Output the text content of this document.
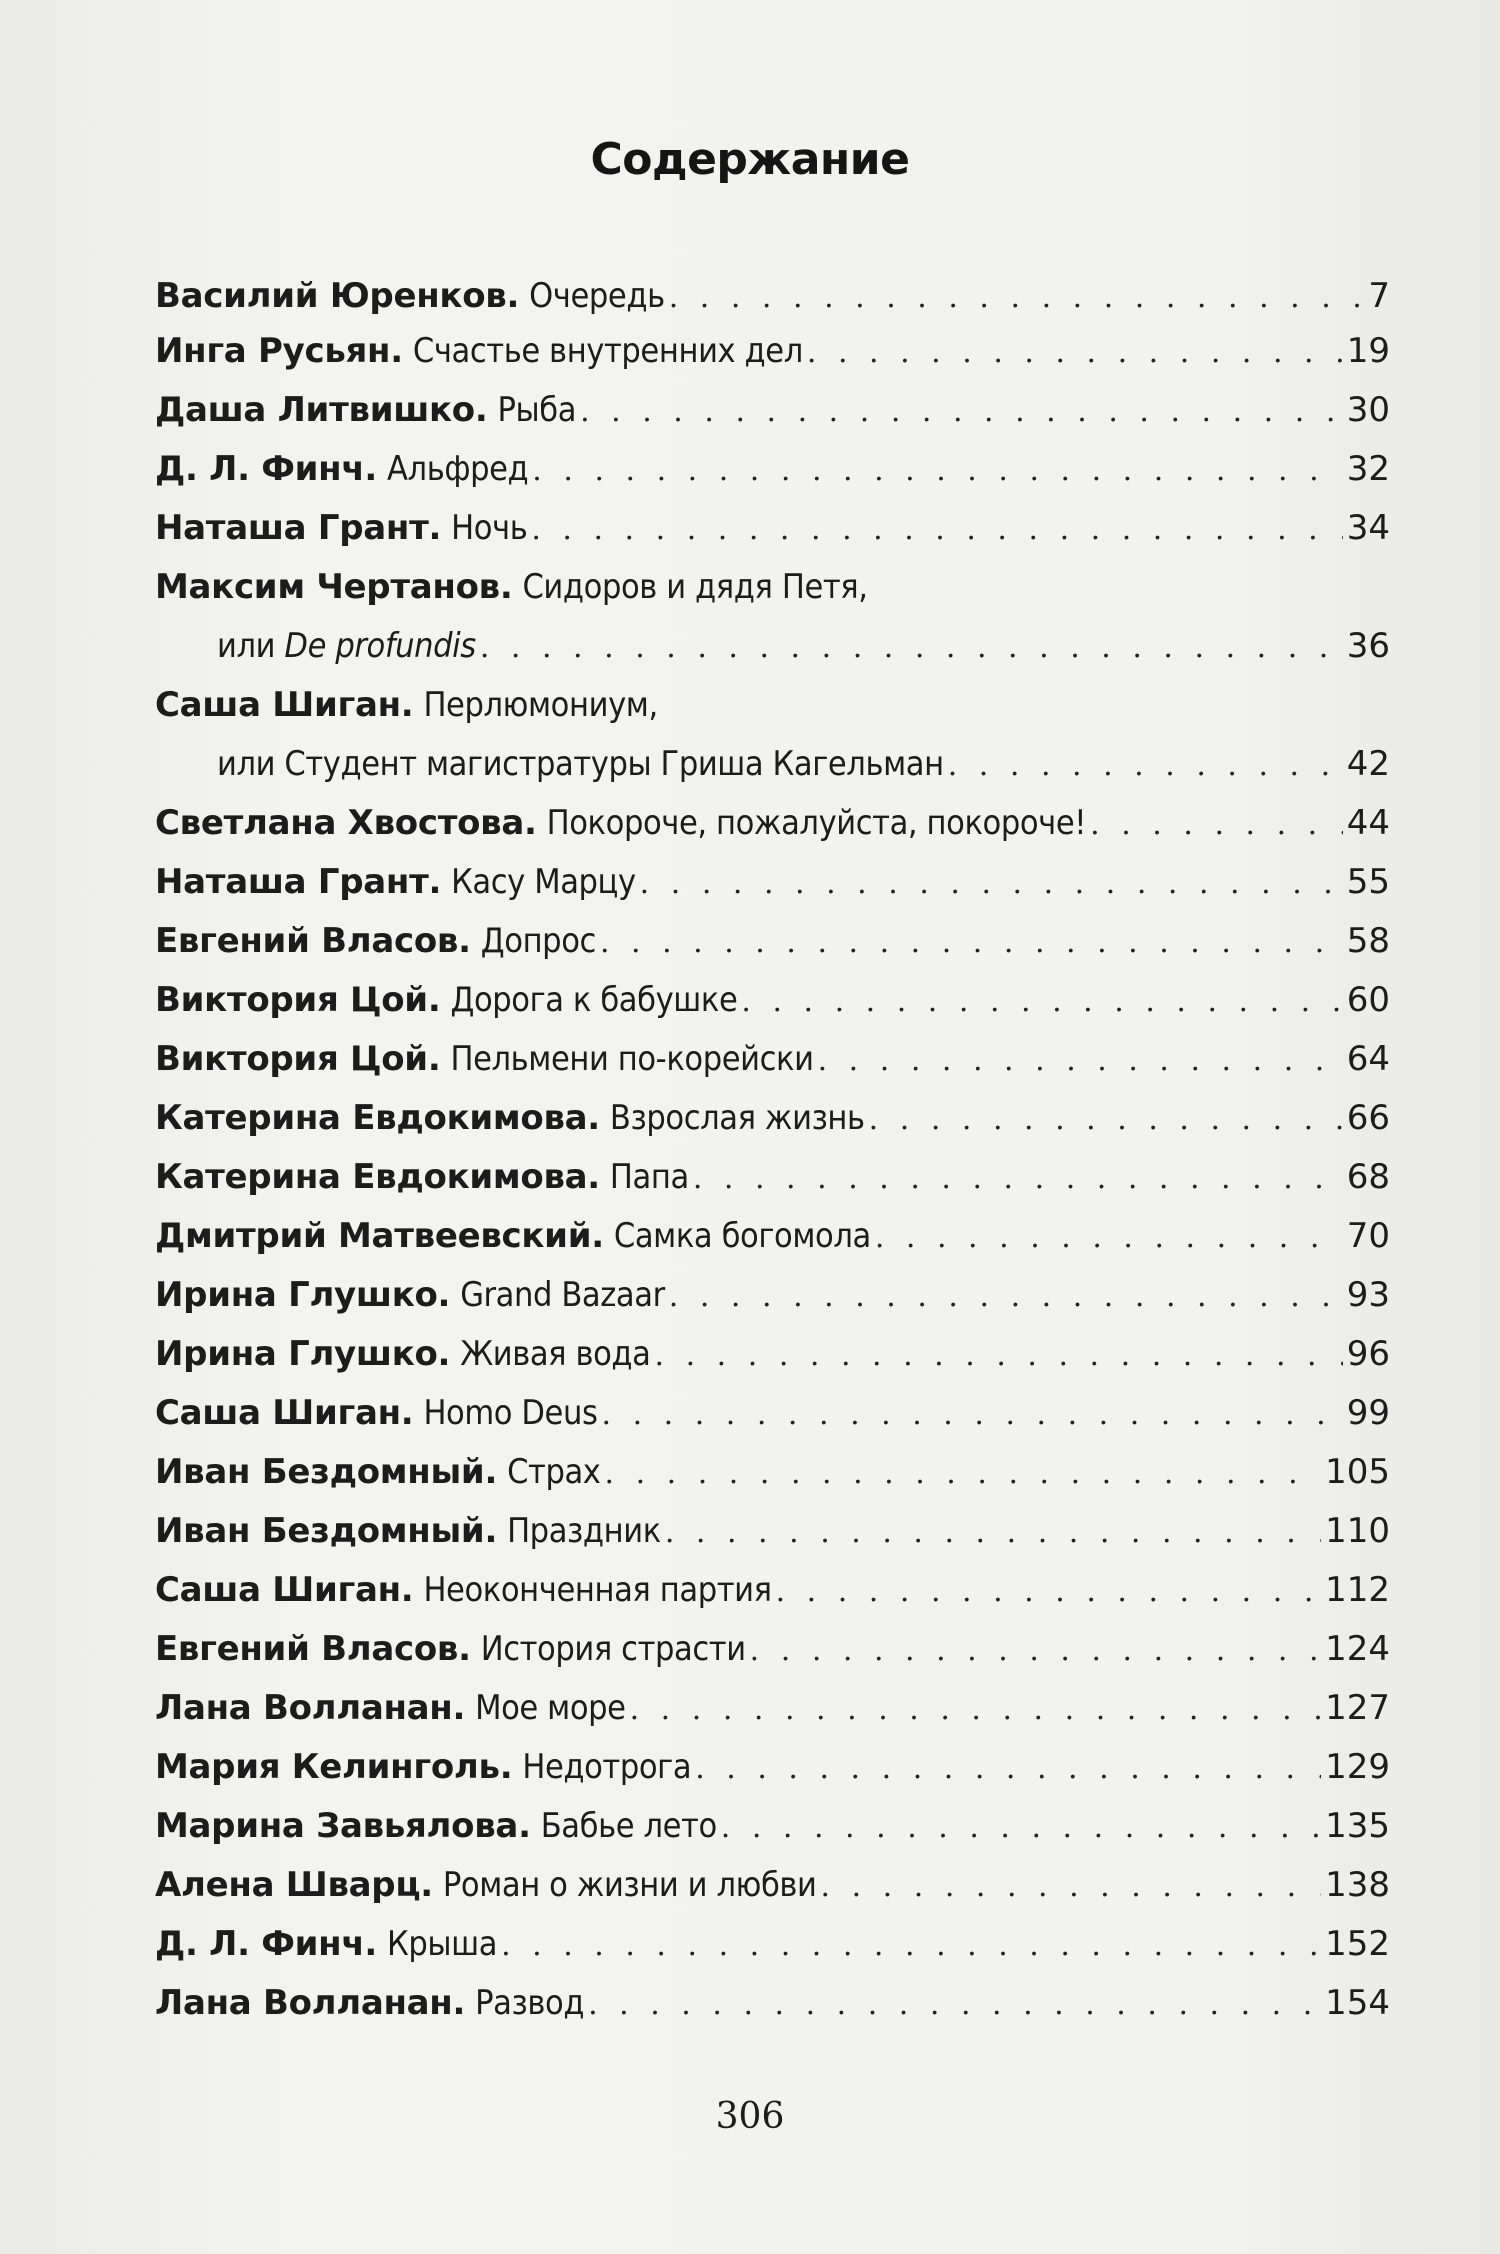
Содержание
Василий Юренков. Очередь . . .	7
Инга Русьян. Счастье внутренних дел . . .	19
Даша Литвишко. Рыба . . .	30
Д. Л. Финч. Альфред . . .	32
Наташа Грант. Ночь . . .	34
Максим Чертанов. Сидоров и дядя Петя,
или De profundis . . .	36
Саша Шиган. Перлюмониум,
или Студент магистратуры Гриша Кагельман . . .	42
Светлана Хвостова. Покороче, пожалуйста, покороче! . . .	44
Наташа Грант. Касу Марцу . . .	55
Евгений Власов. Допрос . . .	58
Виктория Цой. Дорога к бабушке . . .	60
Виктория Цой. Пельмени по-корейски . . .	64
Катерина Евдокимова. Взрослая жизнь . . .	66
Катерина Евдокимова. Папа . . .	68
Дмитрий Матвеевский. Самка богомола . . .	70
Ирина Глушко. Grand Bazaar . . .	93
Ирина Глушко. Живая вода . . .	96
Саша Шиган. Homo Deus . . .	99
Иван Бездомный. Страх . . .	105
Иван Бездомный. Праздник . . .	110
Саша Шиган. Неоконченная партия . . .	112
Евгений Власов. История страсти . . .	124
Лана Волланан. Мое море . . .	127
Мария Келинголь. Недотрога . . .	129
Марина Завьялова. Бабье лето . . .	135
Алена Шварц. Роман о жизни и любви . . .	138
Д. Л. Финч. Крыша . . .	152
Лана Волланан. Развод . . .	154
306
